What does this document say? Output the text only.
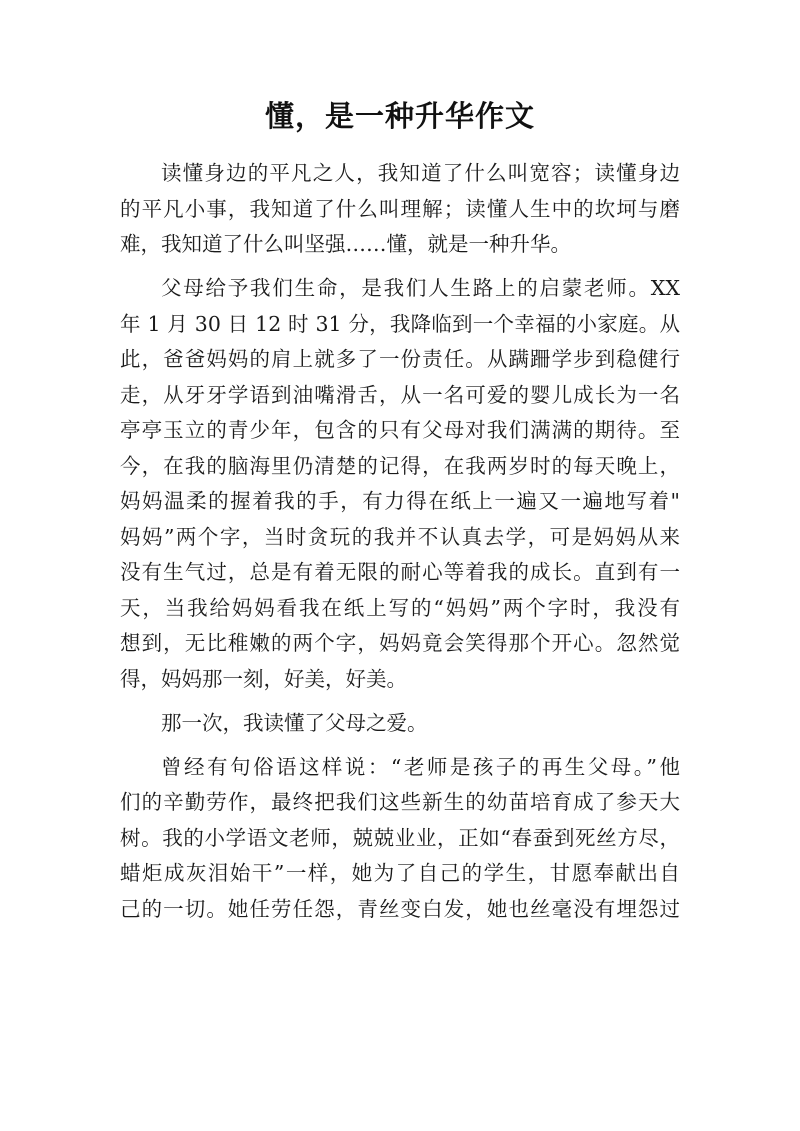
懂，是一种升华作文
读懂身边的平凡之人，我知道了什么叫宽容；读懂身边
的平凡小事，我知道了什么叫理解；读懂人生中的坎坷与磨
难，我知道了什么叫坚强……懂，就是一种升华。
父母给予我们生命，是我们人生路上的启蒙老师。XX
年 1 月 30 日 12 时 31 分，我降临到一个幸福的小家庭。从
此，爸爸妈妈的肩上就多了一份责任。从蹒跚学步到稳健行
走，从牙牙学语到油嘴滑舌，从一名可爱的婴儿成长为一名
亭亭玉立的青少年，包含的只有父母对我们满满的期待。至
今，在我的脑海里仍清楚的记得，在我两岁时的每天晚上，
妈妈温柔的握着我的手，有力得在纸上一遍又一遍地写着"
妈妈”两个字，当时贪玩的我并不认真去学，可是妈妈从来
没有生气过，总是有着无限的耐心等着我的成长。直到有一
天，当我给妈妈看我在纸上写的“妈妈”两个字时，我没有
想到，无比稚嫩的两个字，妈妈竟会笑得那个开心。忽然觉
得，妈妈那一刻，好美，好美。
那一次，我读懂了父母之爱。
曾经有句俗语这样说：“老师是孩子的再生父母。”他
们的辛勤劳作，最终把我们这些新生的幼苗培育成了参天大
树。我的小学语文老师，兢兢业业，正如“春蚕到死丝方尽，
蜡炬成灰泪始干”一样，她为了自己的学生，甘愿奉献出自
己的一切。她任劳任怨，青丝变白发，她也丝毫没有埋怨过
